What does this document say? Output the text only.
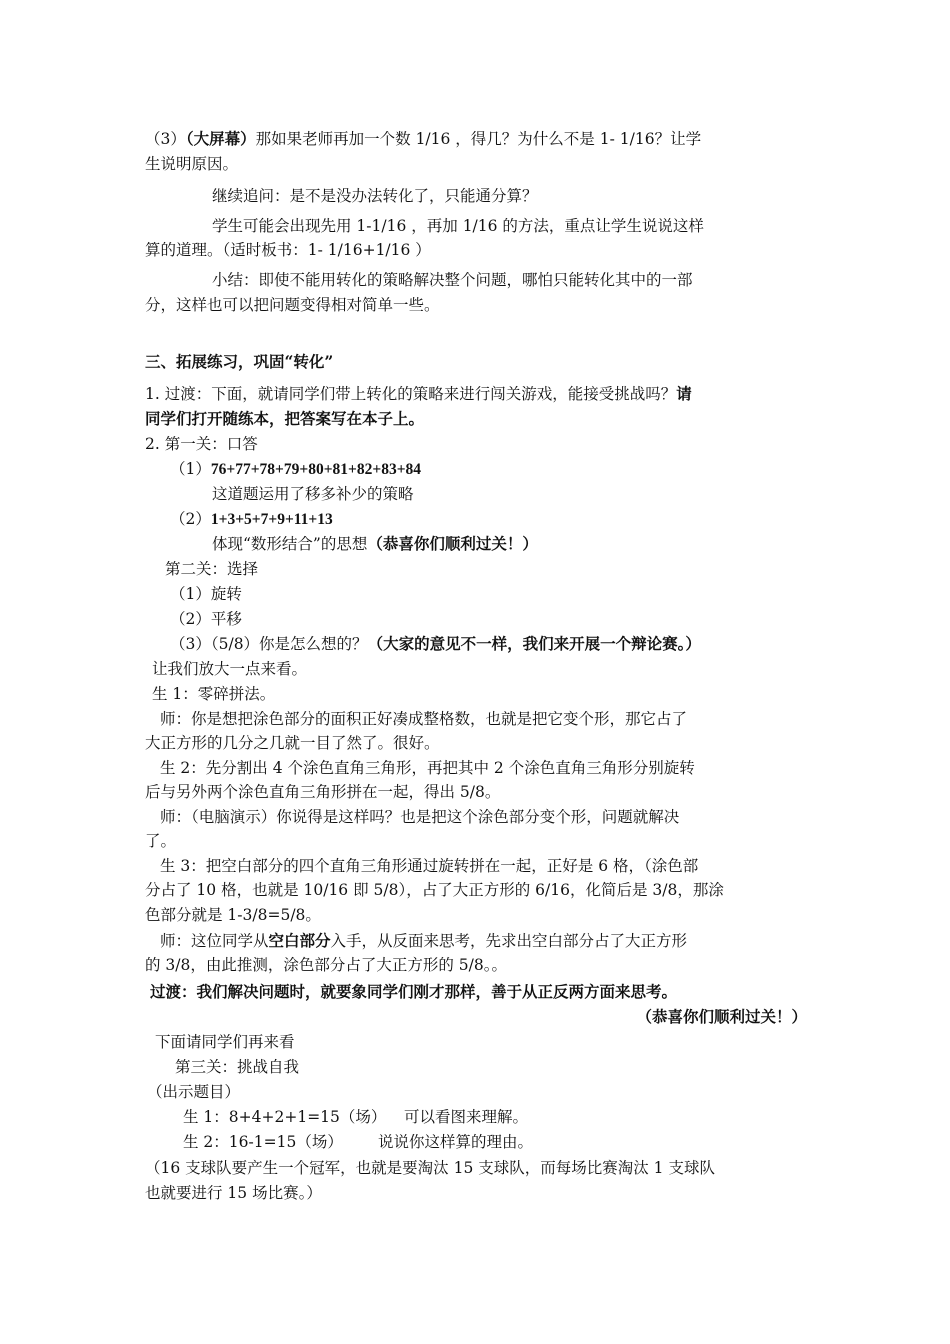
（3）（大屏幕）那如果老师再加一个数 1/16 ，得几？为什么不是 1- 1/16？让学
生说明原因。
继续追问：是不是没办法转化了，只能通分算？
学生可能会出现先用 1-1/16 ，再加 1/16 的方法，重点让学生说说这样
算的道理。（适时板书：1- 1/16+1/16 ）
小结：即使不能用转化的策略解决整个问题，哪怕只能转化其中的一部
分，这样也可以把问题变得相对简单一些。
三、拓展练习，巩固“转化”
1. 过渡：下面，就请同学们带上转化的策略来进行闯关游戏，能接受挑战吗？请
同学们打开随练本，把答案写在本子上。
2. 第一关：口答
（1）76+77+78+79+80+81+82+83+84
这道题运用了移多补少的策略
（2）1+3+5+7+9+11+13
体现“数形结合”的思想（恭喜你们顺利过关！）
第二关：选择
（1）旋转
（2）平移
（3）（5/8）你是怎么想的？（大家的意见不一样，我们来开展一个辩论赛。）
让我们放大一点来看。
生 1：零碎拼法。
师：你是想把涂色部分的面积正好凑成整格数，也就是把它变个形，那它占了
大正方形的几分之几就一目了然了。很好。
生 2：先分割出 4 个涂色直角三角形，再把其中 2 个涂色直角三角形分别旋转
后与另外两个涂色直角三角形拼在一起，得出 5/8。
师：（电脑演示）你说得是这样吗？也是把这个涂色部分变个形，问题就解决
了。
生 3：把空白部分的四个直角三角形通过旋转拼在一起，正好是 6 格，（涂色部
分占了 10 格，也就是 10/16 即 5/8），占了大正方形的 6/16，化简后是 3/8，那涂
色部分就是 1-3/8=5/8。
师：这位同学从空白部分入手，从反面来思考，先求出空白部分占了大正方形
的 3/8，由此推测，涂色部分占了大正方形的 5/8。。
过渡：我们解决问题时，就要象同学们刚才那样，善于从正反两方面来思考。
（恭喜你们顺利过关！）
下面请同学们再来看
第三关：挑战自我
（出示题目）
生 1：8+4+2+1=15（场） 可以看图来理解。
生 2：16-1=15（场） 说说你这样算的理由。
（16 支球队要产生一个冠军，也就是要淘汰 15 支球队，而每场比赛淘汰 1 支球队
也就要进行 15 场比赛。）
